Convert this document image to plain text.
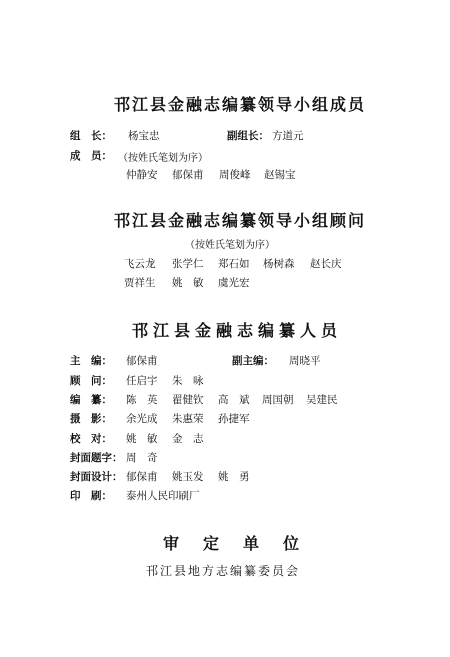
邗江县金融志编纂领导小组成员
组　长： 杨宝忠	副组长： 方道元
成　员： （按姓氏笔划为序）
仲静安 郁保甫 周俊峰 赵锡宝
邗江县金融志编纂领导小组顾问
（按姓氏笔划为序）
飞云龙 张学仁 郑石如 杨树森 赵长庆
贾祥生 姚　敏 虞光宏
邗江县金融志编纂人员
主　编： 郁保甫	副主编： 周晓平
顾　问： 任启宇 朱　咏
编　纂： 陈　英 翟健钦 高　斌 周国朝 吴建民
摄　影： 余光成 朱惠荣 孙捷军
校　对： 姚　敏 金　志
封面题字： 周　奇
封面设计： 郁保甫 姚玉发 姚　勇
印　刷： 泰州人民印刷厂
审　定　单　位
邗江县地方志编纂委员会
